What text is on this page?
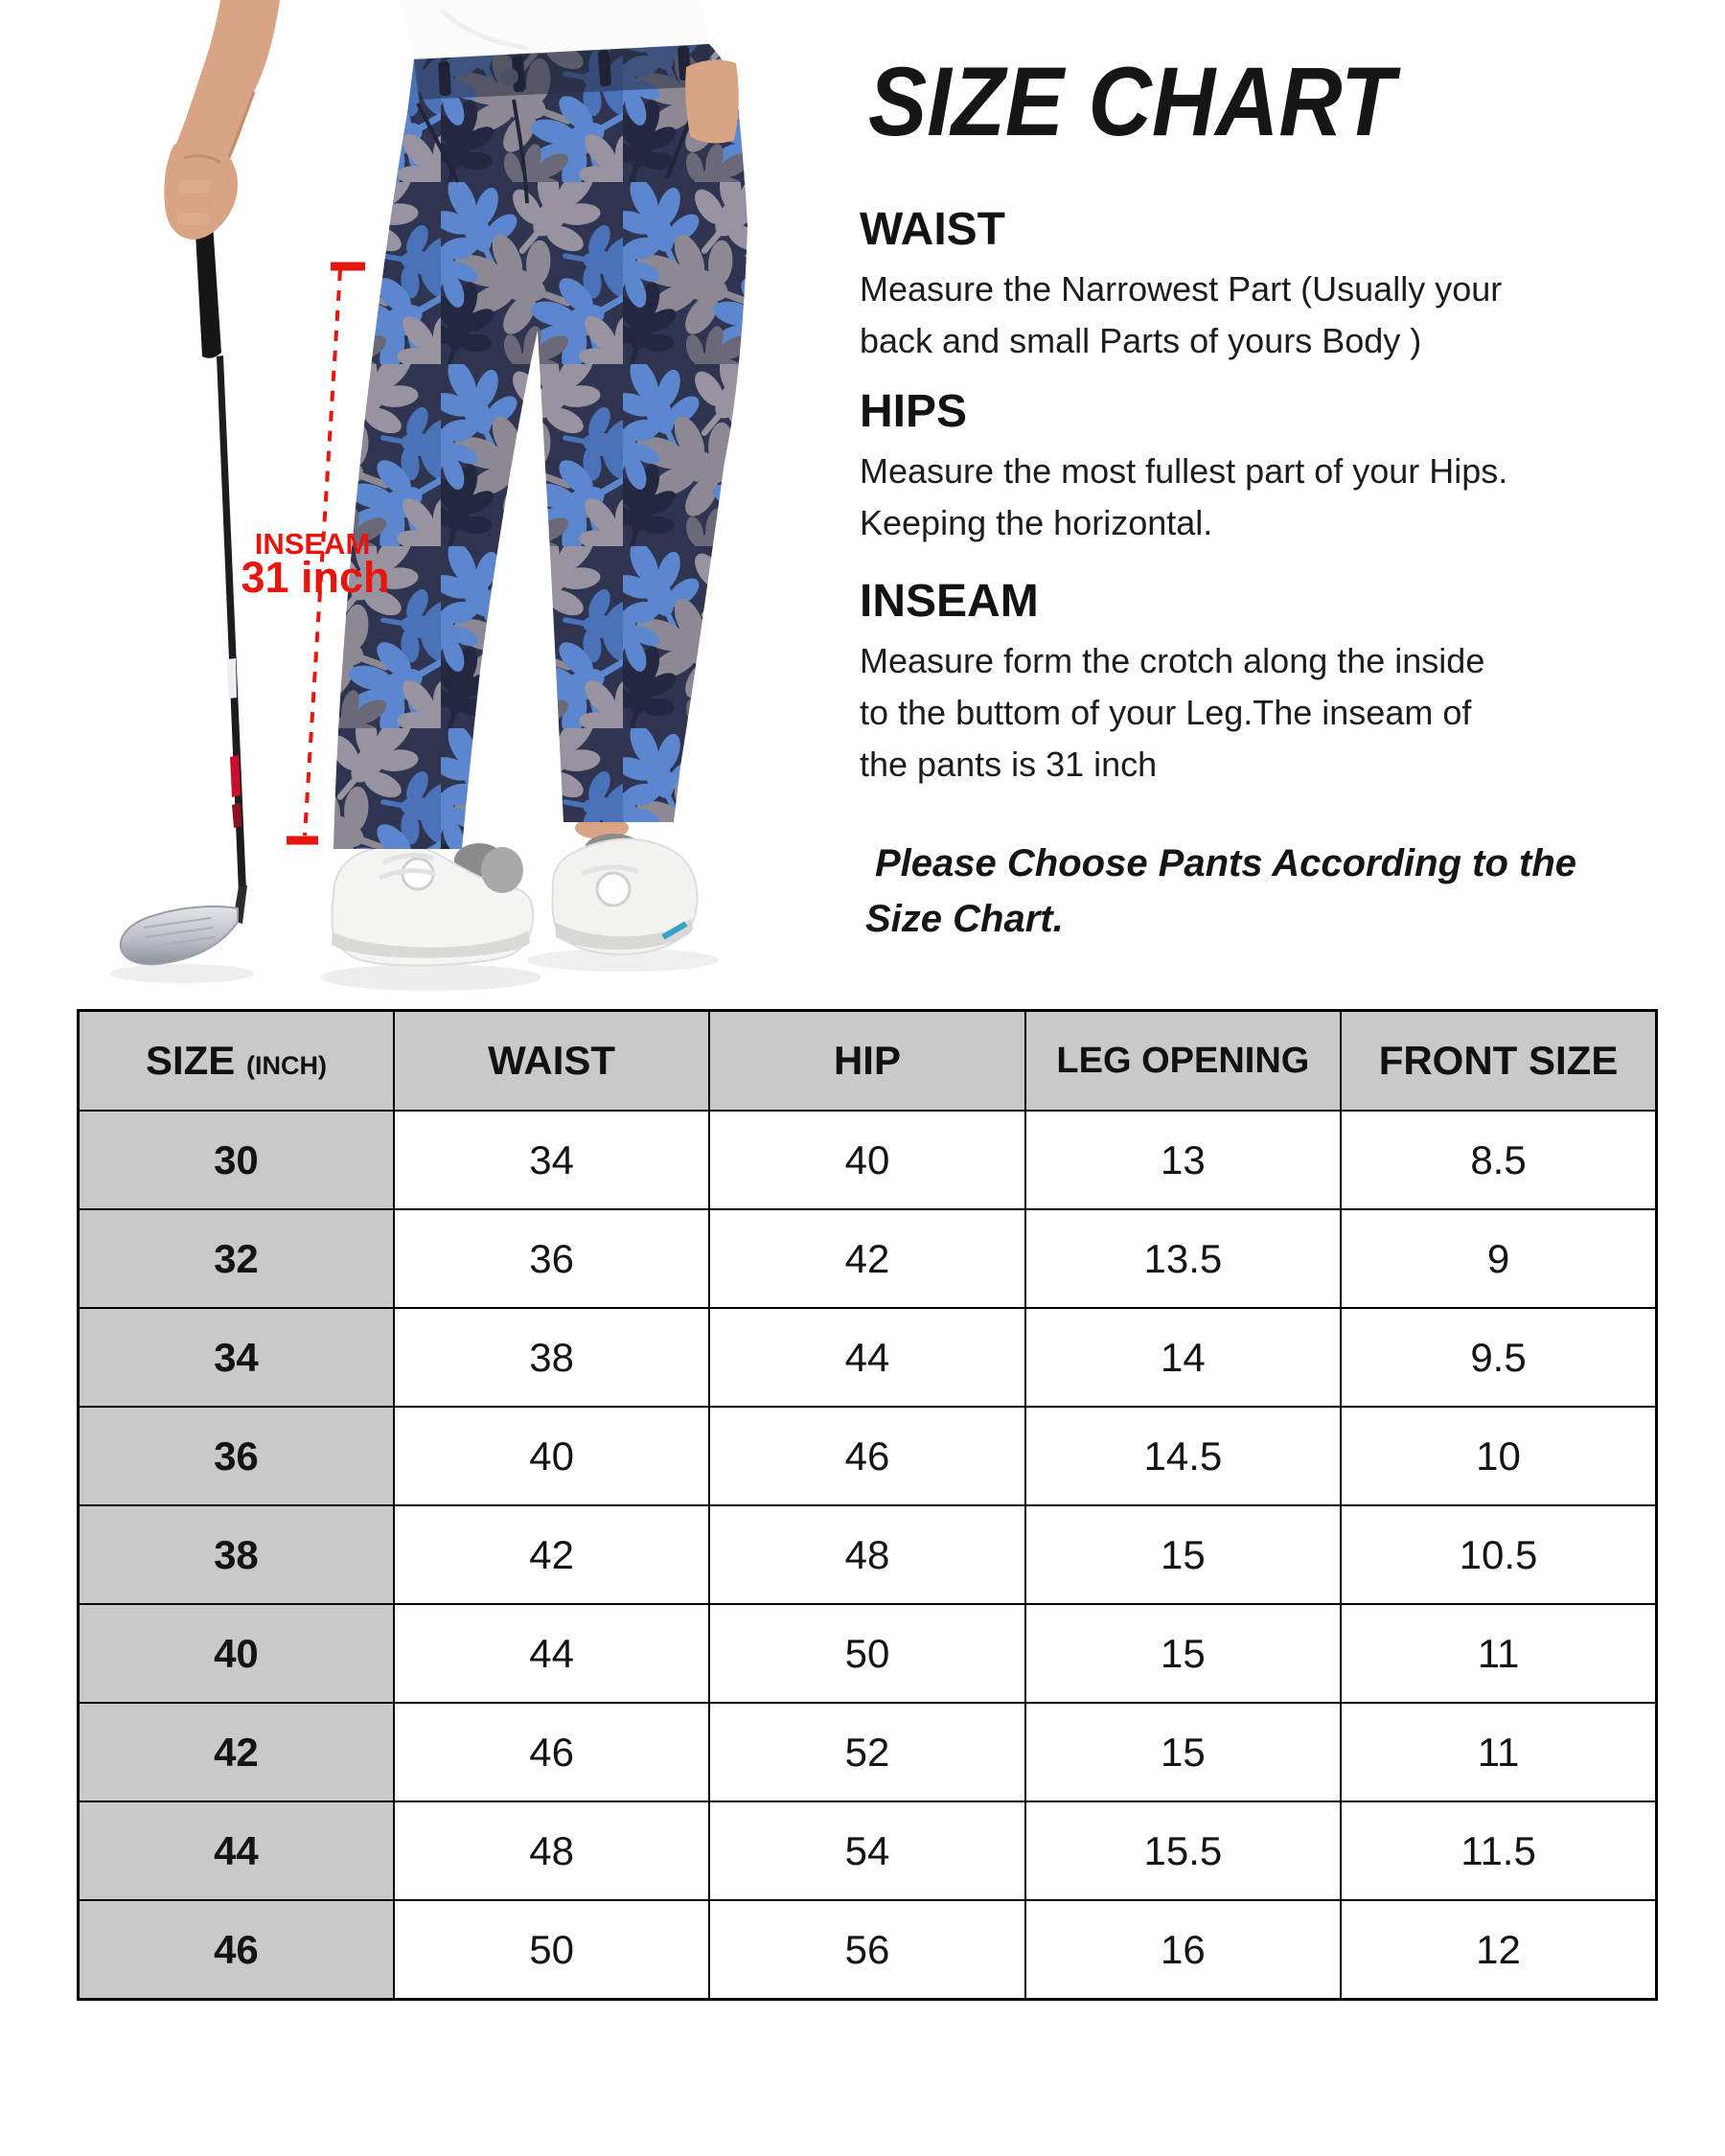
INSEAM
31 inch
SIZE CHART
WAIST
Measure the Narrowest Part (Usually your
back and small Parts of yours Body )
HIPS
Measure the most fullest part of your Hips.
Keeping the horizontal.
INSEAM
Measure form the crotch along the inside
to the buttom of your Leg.The inseam of
the pants is 31 inch
Please Choose Pants According to the
Size Chart.
SIZE (INCH)	WAIST	HIP	LEG OPENING	FRONT SIZE
30	34	40	13	8.5
32	36	42	13.5	9
34	38	44	14	9.5
36	40	46	14.5	10
38	42	48	15	10.5
40	44	50	15	11
42	46	52	15	11
44	48	54	15.5	11.5
46	50	56	16	12
